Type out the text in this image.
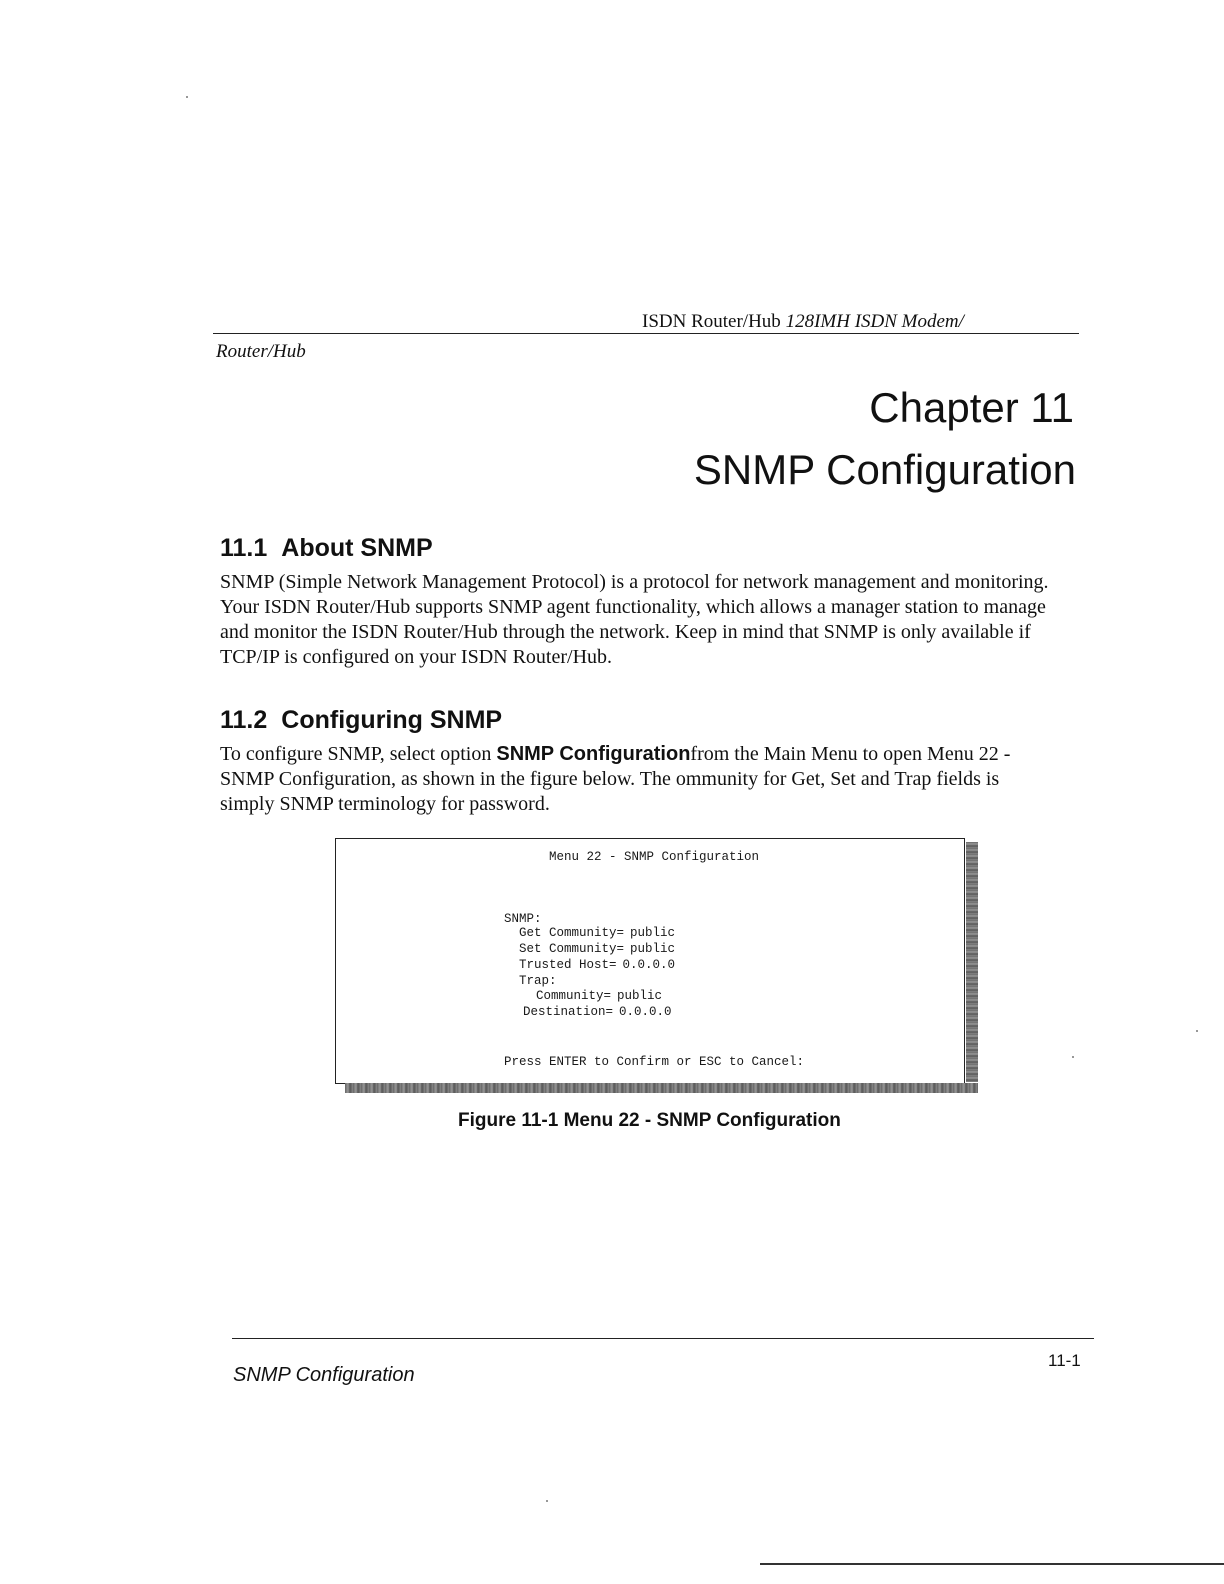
ISDN Router/Hub 128IMH ISDN Modem/
Router/Hub
Chapter 11
SNMP Configuration
11.1 About SNMP
SNMP (Simple Network Management Protocol) is a protocol for network management and monitoring. Your ISDN Router/Hub supports SNMP agent functionality, which allows a manager station to manage and monitor the ISDN Router/Hub through the network. Keep in mind that SNMP is only available if TCP/IP is configured on your ISDN Router/Hub.
11.2 Configuring SNMP
To configure SNMP, select option SNMP Configurationfrom the Main Menu to open Menu 22 - SNMP Configuration, as shown in the figure below. The ommunity for Get, Set and Trap fields is simply SNMP terminology for password.
Menu 22 - SNMP Configuration
SNMP:
Get Community= public
Set Community= public
Trusted Host= 0.0.0.0
Trap:
Community= public
Destination= 0.0.0.0
Press ENTER to Confirm or ESC to Cancel:
Figure 11-1 Menu 22 - SNMP Configuration
SNMP Configuration
11-1
